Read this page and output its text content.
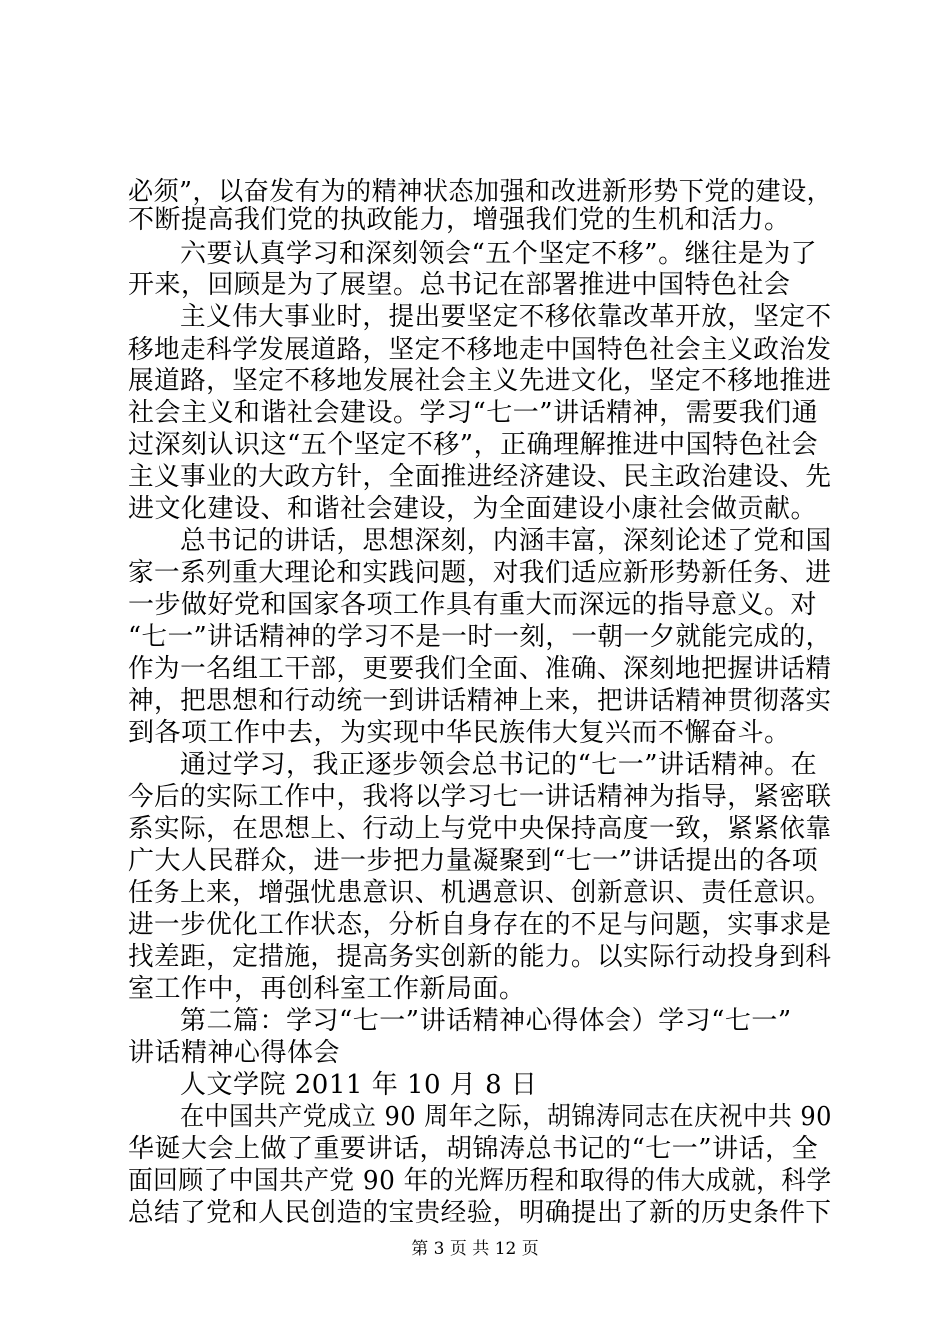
必须”，以奋发有为的精神状态加强和改进新形势下党的建设，
不断提高我们党的执政能力，增强我们党的生机和活力。
六要认真学习和深刻领会“五个坚定不移”。继往是为了
开来，回顾是为了展望。总书记在部署推进中国特色社会
主义伟大事业时，提出要坚定不移依靠改革开放，坚定不
移地走科学发展道路，坚定不移地走中国特色社会主义政治发
展道路，坚定不移地发展社会主义先进文化，坚定不移地推进
社会主义和谐社会建设。学习“七一”讲话精神，需要我们通
过深刻认识这“五个坚定不移”，正确理解推进中国特色社会
主义事业的大政方针，全面推进经济建设、民主政治建设、先
进文化建设、和谐社会建设，为全面建设小康社会做贡献。
总书记的讲话，思想深刻，内涵丰富，深刻论述了党和国
家一系列重大理论和实践问题，对我们适应新形势新任务、进
一步做好党和国家各项工作具有重大而深远的指导意义。对
“七一”讲话精神的学习不是一时一刻，一朝一夕就能完成的，
作为一名组工干部，更要我们全面、准确、深刻地把握讲话精
神，把思想和行动统一到讲话精神上来，把讲话精神贯彻落实
到各项工作中去，为实现中华民族伟大复兴而不懈奋斗。
通过学习，我正逐步领会总书记的“七一”讲话精神。在
今后的实际工作中，我将以学习七一讲话精神为指导，紧密联
系实际，在思想上、行动上与党中央保持高度一致，紧紧依靠
广大人民群众，进一步把力量凝聚到“七一”讲话提出的各项
任务上来，增强忧患意识、机遇意识、创新意识、责任意识。
进一步优化工作状态，分析自身存在的不足与问题，实事求是
找差距，定措施，提高务实创新的能力。以实际行动投身到科
室工作中，再创科室工作新局面。
第二篇：学习“七一”讲话精神心得体会）学习“七一”
讲话精神心得体会
人文学院 2011 年 10 月 8 日
在中国共产党成立 90 周年之际，胡锦涛同志在庆祝中共 90
华诞大会上做了重要讲话，胡锦涛总书记的“七一”讲话，全
面回顾了中国共产党 90 年的光辉历程和取得的伟大成就，科学
总结了党和人民创造的宝贵经验，明确提出了新的历史条件下
第 3 页 共 12 页
